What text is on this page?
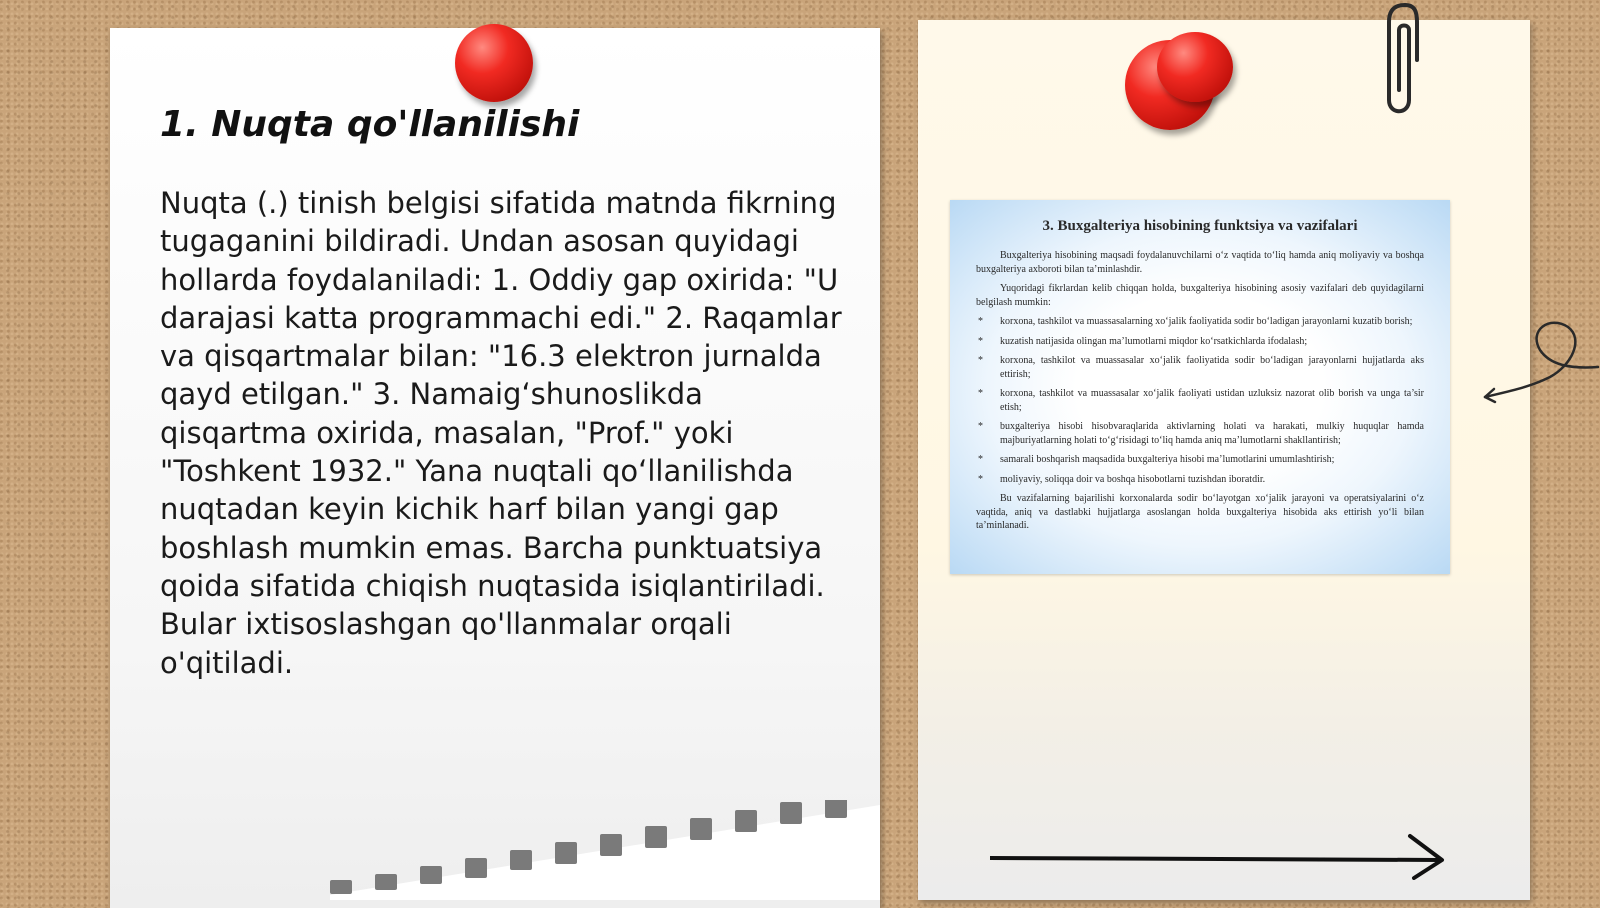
1. Nuqta qo'llanilishi

Nuqta (.) tinish belgisi sifatida matnda fikrning tugaganini bildiradi. Undan asosan quyidagi hollarda foydalaniladi: 1. Oddiy gap oxirida: "U darajasi katta programmachi edi." 2. Raqamlar va qisqartmalar bilan: "16.3 elektron jurnalda qayd etilgan." 3. Namaig‘shunoslikda qisqartma oxirida, masalan, "Prof." yoki "Toshkent 1932." Yana nuqtali qo‘llanilishda nuqtadan keyin kichik harf bilan yangi gap boshlash mumkin emas. Barcha punktuatsiya qoida sifatida chiqish nuqtasida isiqlantiriladi. Bular ixtisoslashgan qo'llanmalar orqali o'qitiladi.

3. Buxgalteriya hisobining funktsiya va vazifalari

Buxgalteriya hisobining maqsadi foydalanuvchilarni o‘z vaqtida to‘liq hamda aniq moliyaviy va boshqa buxgalteriya axboroti bilan ta’minlashdir.

Yuqoridagi fikrlardan kelib chiqqan holda, buxgalteriya hisobining asosiy vazifalari deb quyidagilarni belgilash mumkin:

* korxona, tashkilot va muassasalarning xo‘jalik faoliyatida sodir bo‘ladigan jarayonlarni kuzatib borish;
* kuzatish natijasida olingan ma’lumotlarni miqdor ko‘rsatkichlarda ifodalash;
* korxona, tashkilot va muassasalar xo‘jalik faoliyatida sodir bo‘ladigan jarayonlarni hujjatlarda aks ettirish;
* korxona, tashkilot va muassasalar xo‘jalik faoliyati ustidan uzluksiz nazorat olib borish va unga ta’sir etish;
* buxgalteriya hisobi hisobvaraqlarida aktivlarning holati va harakati, mulkiy huquqlar hamda majburiyatlarning holati to‘g‘risidagi to‘liq hamda aniq ma’lumotlarni shakllantirish;
* samarali boshqarish maqsadida buxgalteriya hisobi ma’lumotlarini umumlashtirish;
* moliyaviy, soliqqa doir va boshqa hisobotlarni tuzishdan iboratdir.

Bu vazifalarning bajarilishi korxonalarda sodir bo‘layotgan xo‘jalik jarayoni va operatsiyalarini o‘z vaqtida, aniq va dastlabki hujjatlarga asoslangan holda buxgalteriya hisobida aks ettirish yo‘li bilan ta’minlanadi.
